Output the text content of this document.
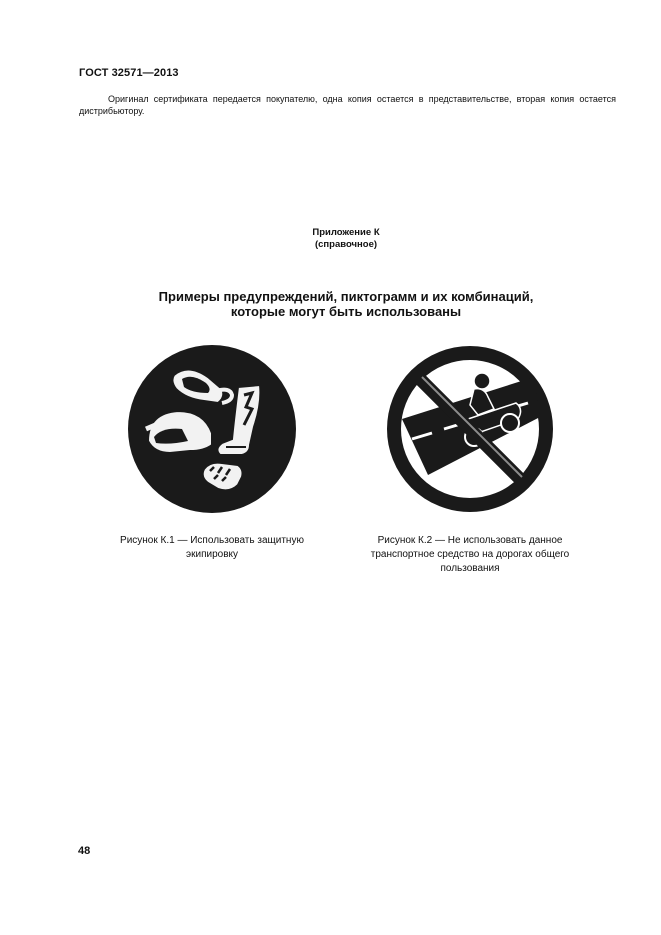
ГОСТ 32571—2013
Оригинал сертификата передается покупателю, одна копия остается в представительстве, вторая копия остается дистрибьютору.
Приложение К
(справочное)
Примеры предупреждений, пиктограмм и их комбинаций,
которые могут быть использованы
Рисунок К.1 — Использовать защитную
экипировку
Рисунок К.2 — Не использовать данное
транспортное средство на дорогах общего
пользования
48
